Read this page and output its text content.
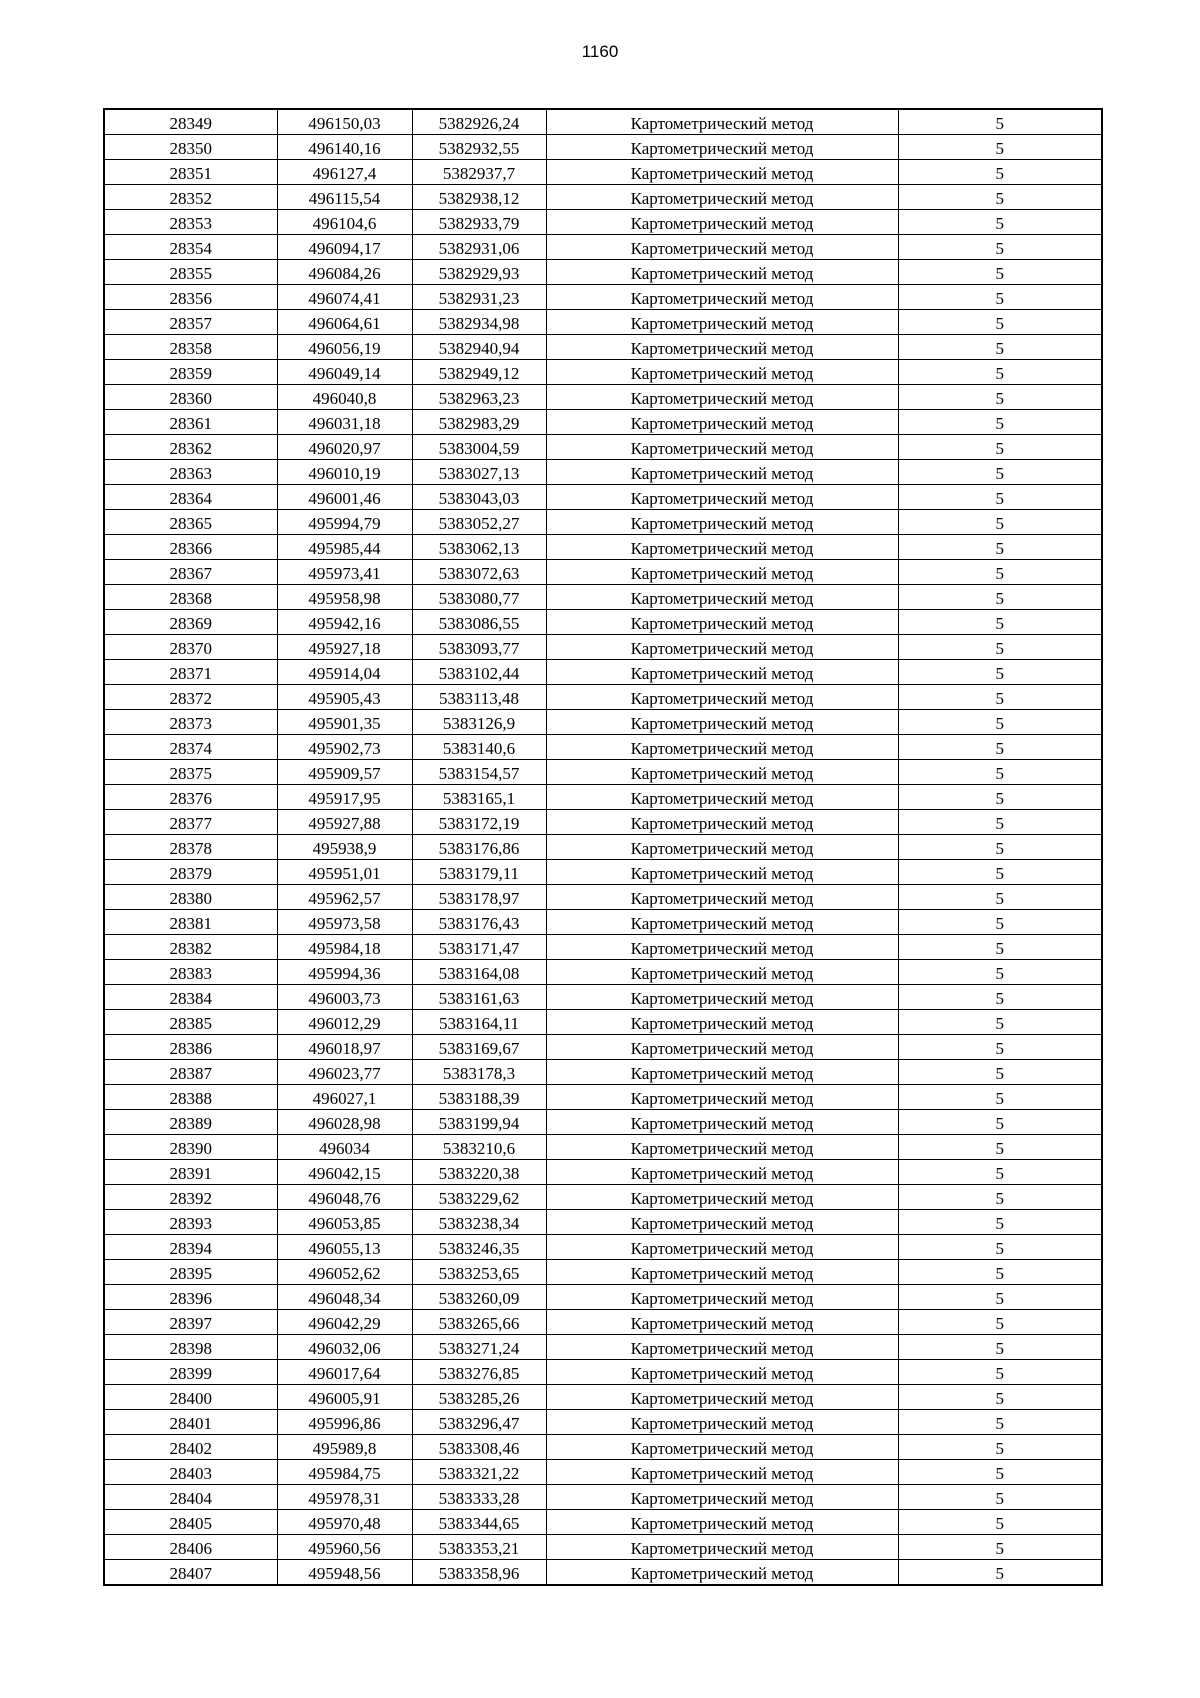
1160
28349	496150,03	5382926,24	Картометрический метод	5
28350	496140,16	5382932,55	Картометрический метод	5
28351	496127,4	5382937,7	Картометрический метод	5
28352	496115,54	5382938,12	Картометрический метод	5
28353	496104,6	5382933,79	Картометрический метод	5
28354	496094,17	5382931,06	Картометрический метод	5
28355	496084,26	5382929,93	Картометрический метод	5
28356	496074,41	5382931,23	Картометрический метод	5
28357	496064,61	5382934,98	Картометрический метод	5
28358	496056,19	5382940,94	Картометрический метод	5
28359	496049,14	5382949,12	Картометрический метод	5
28360	496040,8	5382963,23	Картометрический метод	5
28361	496031,18	5382983,29	Картометрический метод	5
28362	496020,97	5383004,59	Картометрический метод	5
28363	496010,19	5383027,13	Картометрический метод	5
28364	496001,46	5383043,03	Картометрический метод	5
28365	495994,79	5383052,27	Картометрический метод	5
28366	495985,44	5383062,13	Картометрический метод	5
28367	495973,41	5383072,63	Картометрический метод	5
28368	495958,98	5383080,77	Картометрический метод	5
28369	495942,16	5383086,55	Картометрический метод	5
28370	495927,18	5383093,77	Картометрический метод	5
28371	495914,04	5383102,44	Картометрический метод	5
28372	495905,43	5383113,48	Картометрический метод	5
28373	495901,35	5383126,9	Картометрический метод	5
28374	495902,73	5383140,6	Картометрический метод	5
28375	495909,57	5383154,57	Картометрический метод	5
28376	495917,95	5383165,1	Картометрический метод	5
28377	495927,88	5383172,19	Картометрический метод	5
28378	495938,9	5383176,86	Картометрический метод	5
28379	495951,01	5383179,11	Картометрический метод	5
28380	495962,57	5383178,97	Картометрический метод	5
28381	495973,58	5383176,43	Картометрический метод	5
28382	495984,18	5383171,47	Картометрический метод	5
28383	495994,36	5383164,08	Картометрический метод	5
28384	496003,73	5383161,63	Картометрический метод	5
28385	496012,29	5383164,11	Картометрический метод	5
28386	496018,97	5383169,67	Картометрический метод	5
28387	496023,77	5383178,3	Картометрический метод	5
28388	496027,1	5383188,39	Картометрический метод	5
28389	496028,98	5383199,94	Картометрический метод	5
28390	496034	5383210,6	Картометрический метод	5
28391	496042,15	5383220,38	Картометрический метод	5
28392	496048,76	5383229,62	Картометрический метод	5
28393	496053,85	5383238,34	Картометрический метод	5
28394	496055,13	5383246,35	Картометрический метод	5
28395	496052,62	5383253,65	Картометрический метод	5
28396	496048,34	5383260,09	Картометрический метод	5
28397	496042,29	5383265,66	Картометрический метод	5
28398	496032,06	5383271,24	Картометрический метод	5
28399	496017,64	5383276,85	Картометрический метод	5
28400	496005,91	5383285,26	Картометрический метод	5
28401	495996,86	5383296,47	Картометрический метод	5
28402	495989,8	5383308,46	Картометрический метод	5
28403	495984,75	5383321,22	Картометрический метод	5
28404	495978,31	5383333,28	Картометрический метод	5
28405	495970,48	5383344,65	Картометрический метод	5
28406	495960,56	5383353,21	Картометрический метод	5
28407	495948,56	5383358,96	Картометрический метод	5
